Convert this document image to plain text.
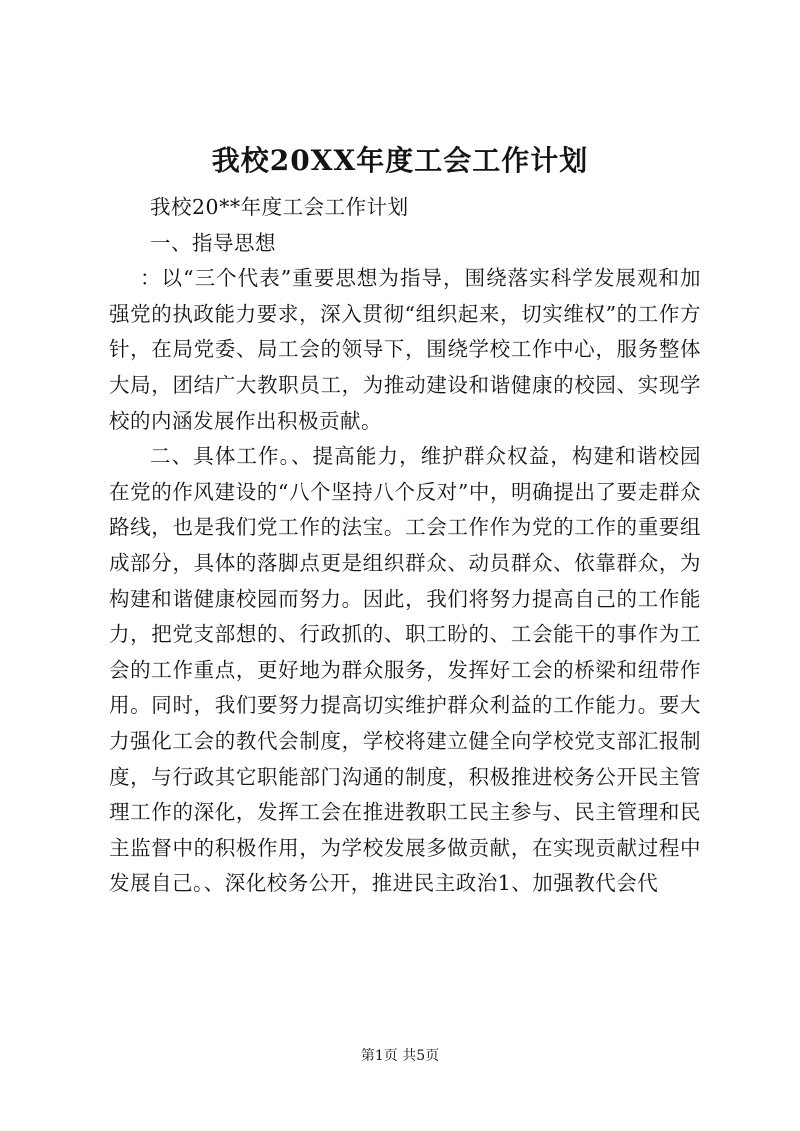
我校20XX年度工会工作计划

我校20**年度工会工作计划

一、指导思想

：以“三个代表”重要思想为指导，围绕落实科学发展观和加强党的执政能力要求，深入贯彻“组织起来，切实维权”的工作方针，在局党委、局工会的领导下，围绕学校工作中心，服务整体大局，团结广大教职员工，为推动建设和谐健康的校园、实现学校的内涵发展作出积极贡献。

二、具体工作。、提高能力，维护群众权益，构建和谐校园在党的作风建设的“八个坚持八个反对”中，明确提出了要走群众路线，也是我们党工作的法宝。工会工作作为党的工作的重要组成部分，具体的落脚点更是组织群众、动员群众、依靠群众，为构建和谐健康校园而努力。因此，我们将努力提高自己的工作能力，把党支部想的、行政抓的、职工盼的、工会能干的事作为工会的工作重点，更好地为群众服务，发挥好工会的桥梁和纽带作用。同时，我们要努力提高切实维护群众利益的工作能力。要大力强化工会的教代会制度，学校将建立健全向学校党支部汇报制度，与行政其它职能部门沟通的制度，积极推进校务公开民主管理工作的深化，发挥工会在推进教职工民主参与、民主管理和民主监督中的积极作用，为学校发展多做贡献，在实现贡献过程中发展自己。、深化校务公开，推进民主政治1、加强教代会代

第1页 共5页
